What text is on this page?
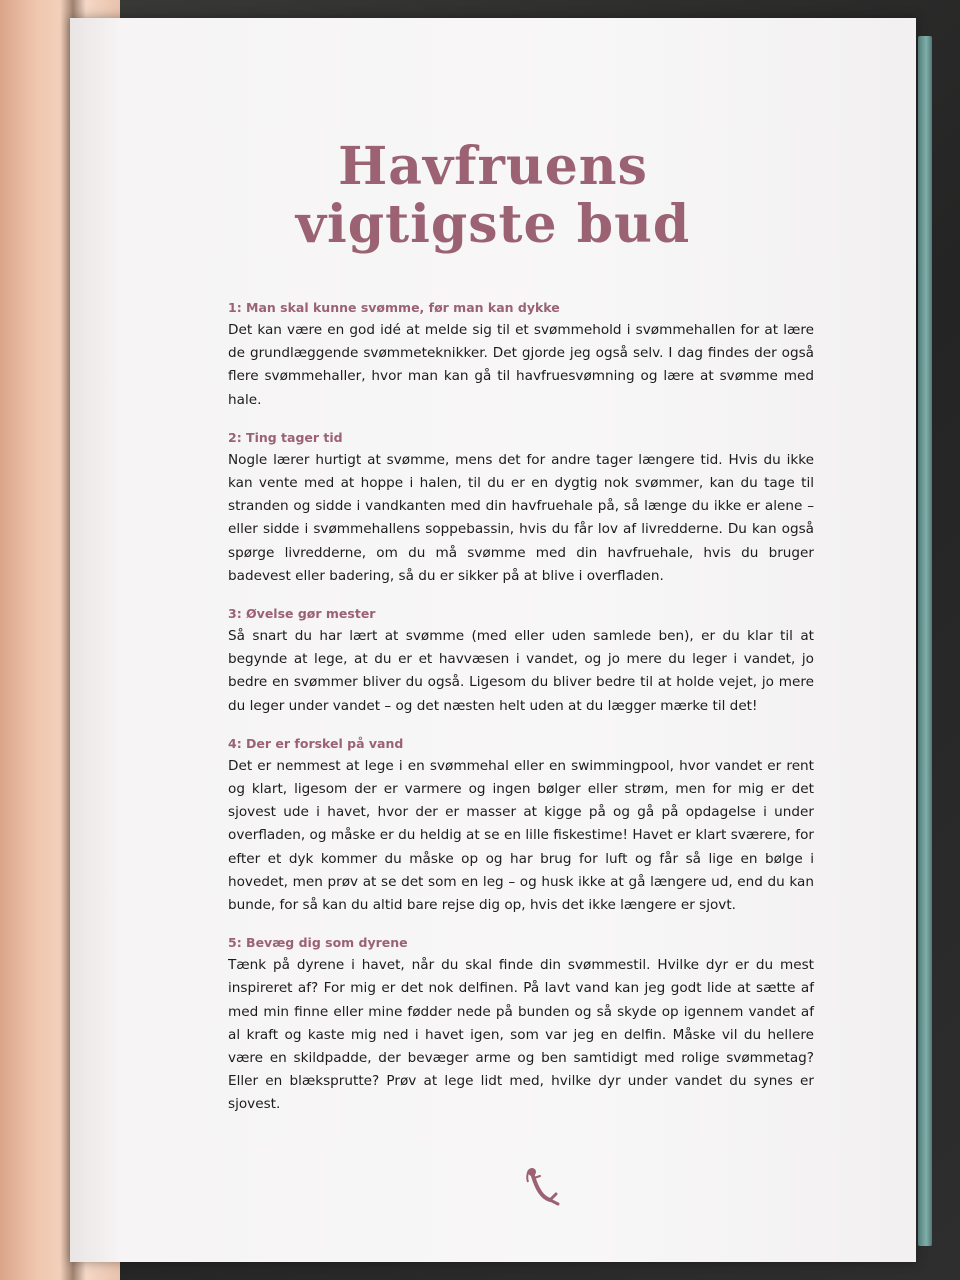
Havfruens
vigtigste bud
1: Man skal kunne svømme, før man kan dykke
Det kan være en god idé at melde sig til et svømmehold i svømmehallen for at lære de grundlæggende svømmeteknikker. Det gjorde jeg også selv. I dag findes der også flere svømmehaller, hvor man kan gå til havfruesvømning og lære at svømme med hale.
2: Ting tager tid
Nogle lærer hurtigt at svømme, mens det for andre tager længere tid. Hvis du ikke kan vente med at hoppe i halen, til du er en dygtig nok svømmer, kan du tage til stranden og sidde i vandkanten med din havfruehale på, så længe du ikke er alene – eller sidde i svømmehallens soppebassin, hvis du får lov af livredderne. Du kan også spørge livredderne, om du må svømme med din havfruehale, hvis du bruger badevest eller badering, så du er sikker på at blive i overfladen.
3: Øvelse gør mester
Så snart du har lært at svømme (med eller uden samlede ben), er du klar til at begynde at lege, at du er et havvæsen i vandet, og jo mere du leger i vandet, jo bedre en svømmer bliver du også. Ligesom du bliver bedre til at holde vejet, jo mere du leger under vandet – og det næsten helt uden at du lægger mærke til det!
4: Der er forskel på vand
Det er nemmest at lege i en svømmehal eller en swimmingpool, hvor vandet er rent og klart, ligesom der er varmere og ingen bølger eller strøm, men for mig er det sjovest ude i havet, hvor der er masser at kigge på og gå på opdagelse i under overfladen, og måske er du heldig at se en lille fiskestime! Havet er klart sværere, for efter et dyk kommer du måske op og har brug for luft og får så lige en bølge i hovedet, men prøv at se det som en leg – og husk ikke at gå længere ud, end du kan bunde, for så kan du altid bare rejse dig op, hvis det ikke længere er sjovt.
5: Bevæg dig som dyrene
Tænk på dyrene i havet, når du skal finde din svømmestil. Hvilke dyr er du mest inspireret af? For mig er det nok delfinen. På lavt vand kan jeg godt lide at sætte af med min finne eller mine fødder nede på bunden og så skyde op igennem vandet af al kraft og kaste mig ned i havet igen, som var jeg en delfin. Måske vil du hellere være en skildpadde, der bevæger arme og ben samtidigt med rolige svømmetag? Eller en blæksprutte? Prøv at lege lidt med, hvilke dyr under vandet du synes er sjovest.
